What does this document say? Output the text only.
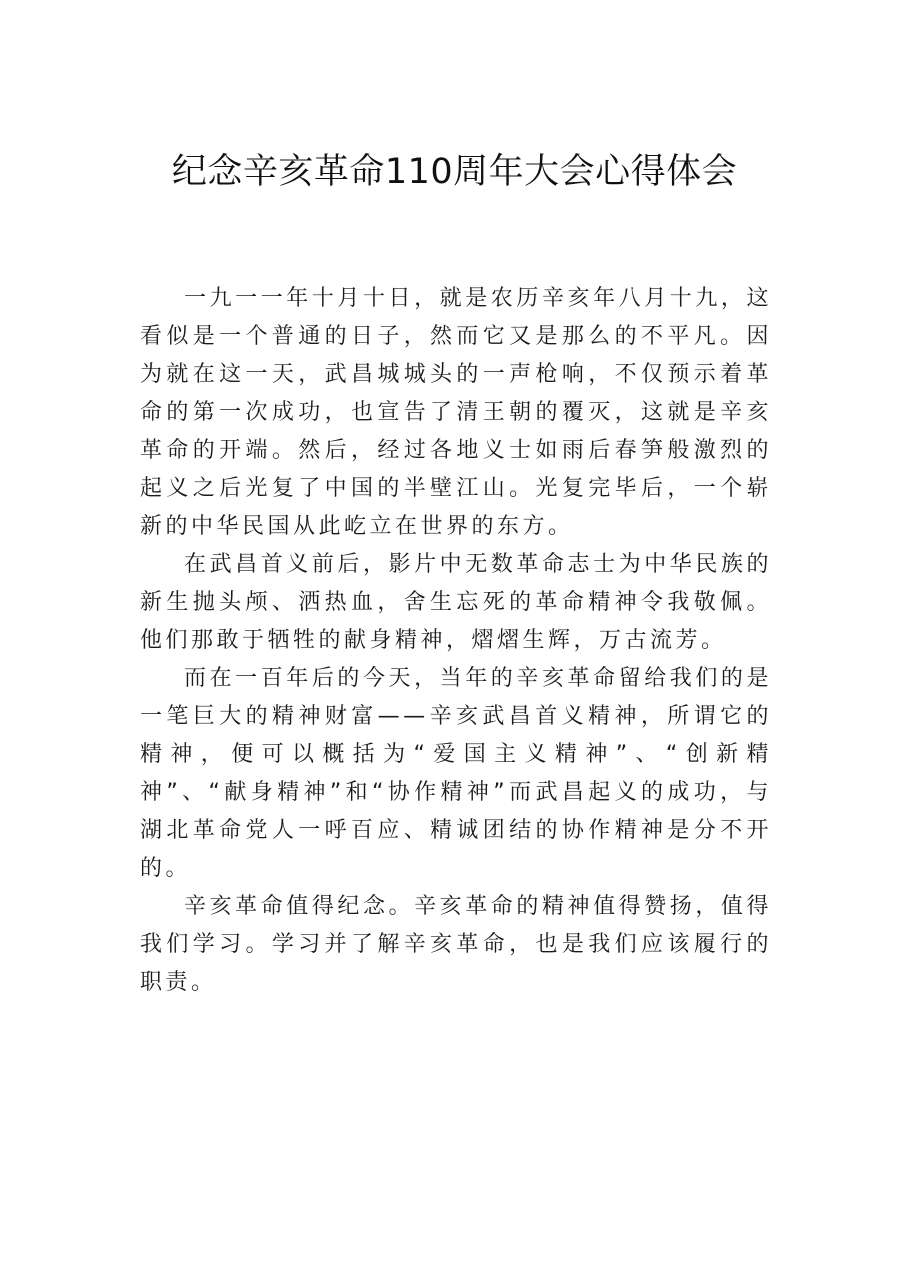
纪念辛亥革命110周年大会心得体会

一九一一年十月十日，就是农历辛亥年八月十九，这看似是一个普通的日子，然而它又是那么的不平凡。因为就在这一天，武昌城城头的一声枪响，不仅预示着革命的第一次成功，也宣告了清王朝的覆灭，这就是辛亥革命的开端。然后，经过各地义士如雨后春笋般激烈的起义之后光复了中国的半壁江山。光复完毕后，一个崭新的中华民国从此屹立在世界的东方。

在武昌首义前后，影片中无数革命志士为中华民族的新生抛头颅、洒热血，舍生忘死的革命精神令我敬佩。他们那敢于牺牲的献身精神，熠熠生辉，万古流芳。

而在一百年后的今天，当年的辛亥革命留给我们的是一笔巨大的精神财富——辛亥武昌首义精神，所谓它的精神，便可以概括为“爱国主义精神”、“创新精神”、“献身精神”和“协作精神”而武昌起义的成功，与湖北革命党人一呼百应、精诚团结的协作精神是分不开的。

辛亥革命值得纪念。辛亥革命的精神值得赞扬，值得我们学习。学习并了解辛亥革命，也是我们应该履行的职责。
